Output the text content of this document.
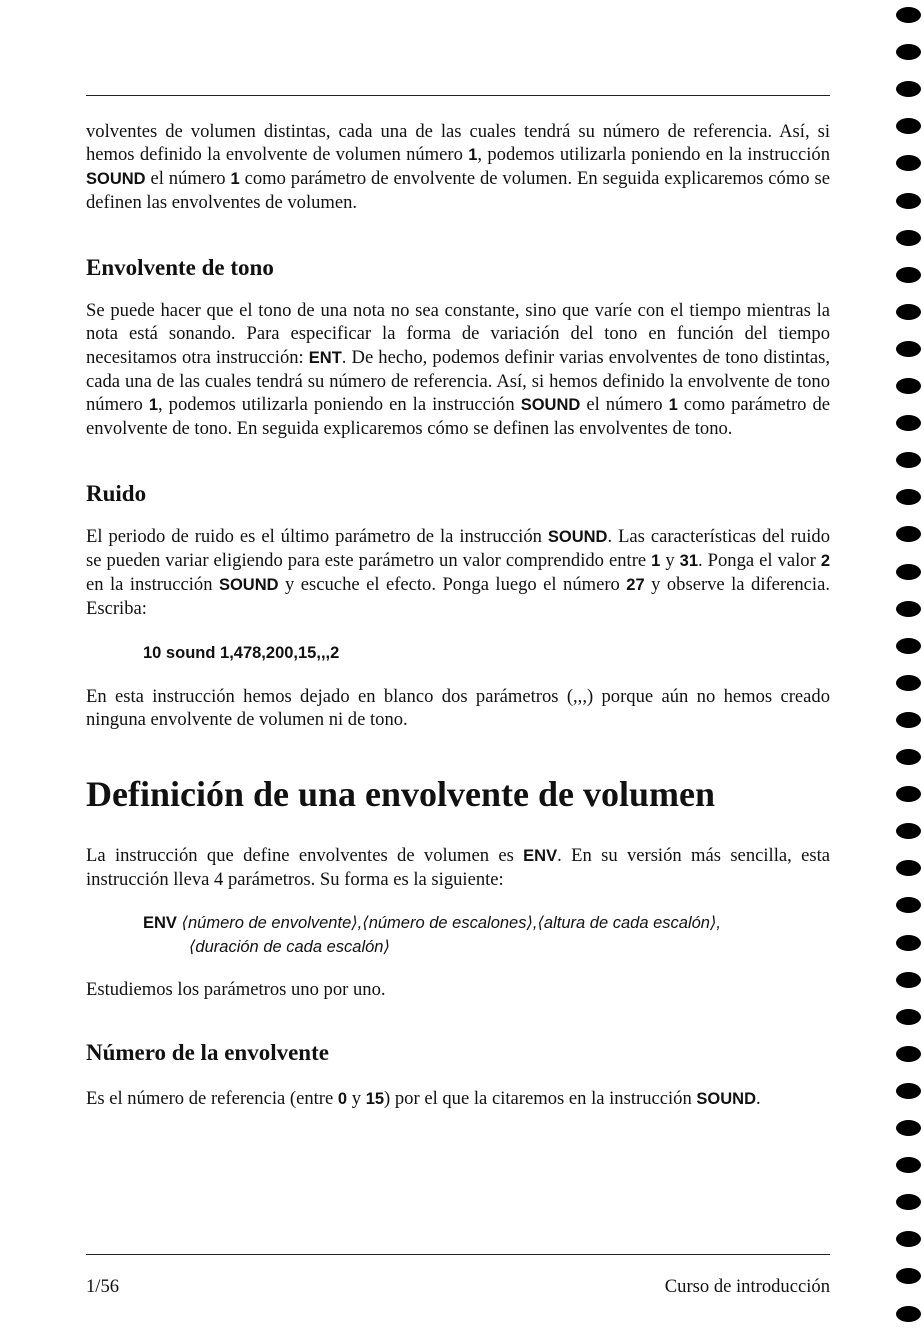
volventes de volumen distintas, cada una de las cuales tendrá su número de referencia. Así, si hemos definido la envolvente de volumen número 1, podemos utilizarla poniendo en la instrucción SOUND el número 1 como parámetro de envolvente de volumen. En seguida explicaremos cómo se definen las envolventes de volumen.

Envolvente de tono

Se puede hacer que el tono de una nota no sea constante, sino que varíe con el tiempo mientras la nota está sonando. Para especificar la forma de variación del tono en función del tiempo necesitamos otra instrucción: ENT. De hecho, podemos definir varias envolventes de tono distintas, cada una de las cuales tendrá su número de referencia. Así, si hemos definido la envolvente de tono número 1, podemos utilizarla poniendo en la instrucción SOUND el número 1 como parámetro de envolvente de tono. En seguida explicaremos cómo se definen las envolventes de tono.

Ruido

El periodo de ruido es el último parámetro de la instrucción SOUND. Las características del ruido se pueden variar eligiendo para este parámetro un valor comprendido entre 1 y 31. Ponga el valor 2 en la instrucción SOUND y escuche el efecto. Ponga luego el número 27 y observe la diferencia. Escriba:

10 sound 1,478,200,15,,,2

En esta instrucción hemos dejado en blanco dos parámetros (,,,) porque aún no hemos creado ninguna envolvente de volumen ni de tono.

Definición de una envolvente de volumen

La instrucción que define envolventes de volumen es ENV. En su versión más sencilla, esta instrucción lleva 4 parámetros. Su forma es la siguiente:

ENV ⟨número de envolvente⟩,⟨número de escalones⟩,⟨altura de cada escalón⟩,
⟨duración de cada escalón⟩

Estudiemos los parámetros uno por uno.

Número de la envolvente

Es el número de referencia (entre 0 y 15) por el que la citaremos en la instrucción SOUND.

1/56	Curso de introducción
